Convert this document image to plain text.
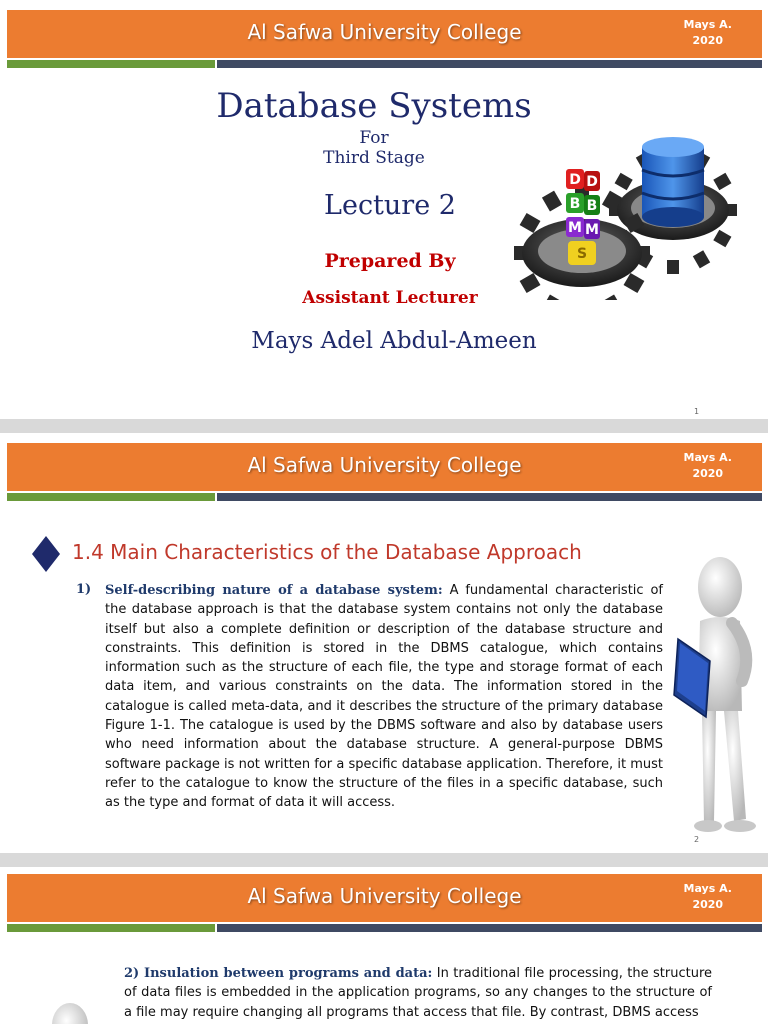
Al Safwa University College	Mays A.
2020
Database Systems
For
Third Stage
Lecture 2
Prepared By
Assistant Lecturer
Mays Adel Abdul-Ameen
D D
B B
M M
S
1
Al Safwa University College	Mays A.
2020
1.4 Main Characteristics of the Database Approach
1) Self-describing nature of a database system: A fundamental characteristic of the database approach is that the database system contains not only the database itself but also a complete definition or description of the database structure and constraints. This definition is stored in the DBMS catalogue, which contains information such as the structure of each file, the type and storage format of each data item, and various constraints on the data. The information stored in the catalogue is called meta-data, and it describes the structure of the primary database Figure 1-1. The catalogue is used by the DBMS software and also by database users who need information about the database structure. A general-purpose DBMS software package is not written for a specific database application. Therefore, it must refer to the catalogue to know the structure of the files in a specific database, such as the type and format of data it will access.
2
Al Safwa University College	Mays A.
2020
2) Insulation between programs and data: In traditional file processing, the structure of data files is embedded in the application programs, so any changes to the structure of a file may require changing all programs that access that file. By contrast, DBMS access
